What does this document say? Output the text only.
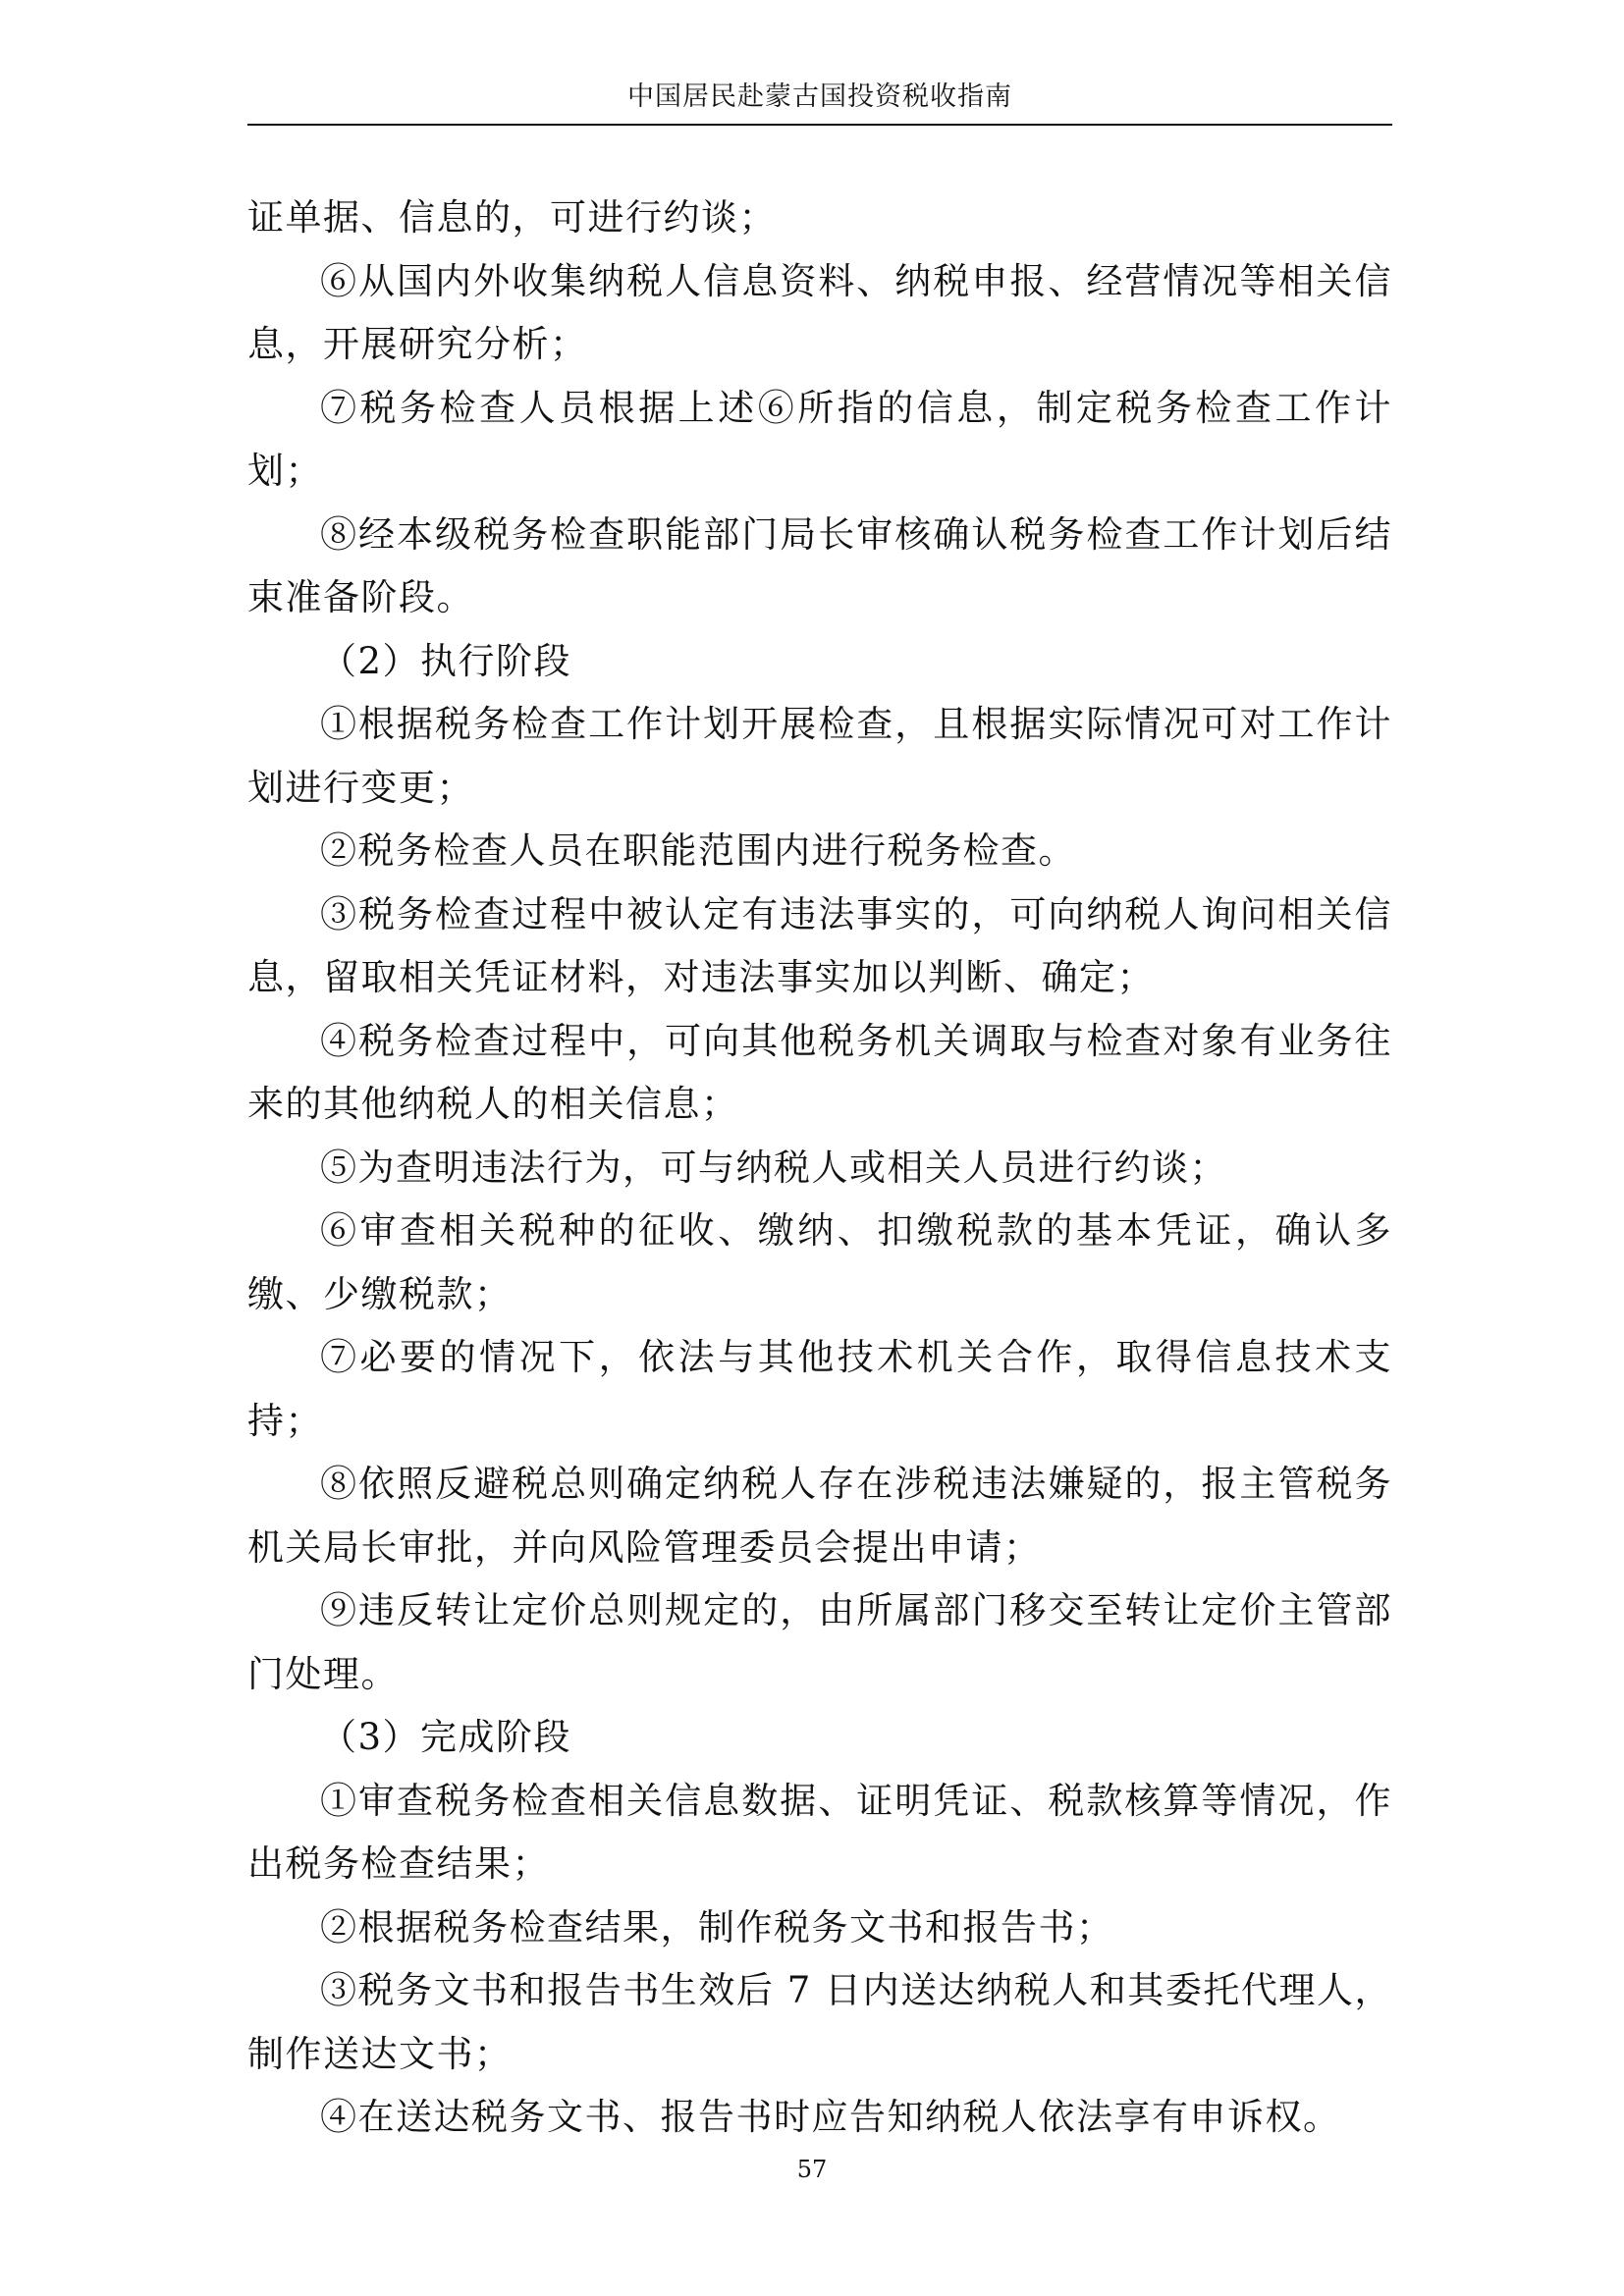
中国居民赴蒙古国投资税收指南

证单据、信息的，可进行约谈；

⑥从国内外收集纳税人信息资料、纳税申报、经营情况等相关信息，开展研究分析；

⑦税务检查人员根据上述⑥所指的信息，制定税务检查工作计划；

⑧经本级税务检查职能部门局长审核确认税务检查工作计划后结束准备阶段。

（2）执行阶段

①根据税务检查工作计划开展检查，且根据实际情况可对工作计划进行变更；

②税务检查人员在职能范围内进行税务检查。

③税务检查过程中被认定有违法事实的，可向纳税人询问相关信息，留取相关凭证材料，对违法事实加以判断、确定；

④税务检查过程中，可向其他税务机关调取与检查对象有业务往来的其他纳税人的相关信息；

⑤为查明违法行为，可与纳税人或相关人员进行约谈；

⑥审查相关税种的征收、缴纳、扣缴税款的基本凭证，确认多缴、少缴税款；

⑦必要的情况下，依法与其他技术机关合作，取得信息技术支持；

⑧依照反避税总则确定纳税人存在涉税违法嫌疑的，报主管税务机关局长审批，并向风险管理委员会提出申请；

⑨违反转让定价总则规定的，由所属部门移交至转让定价主管部门处理。

（3）完成阶段

①审查税务检查相关信息数据、证明凭证、税款核算等情况，作出税务检查结果；

②根据税务检查结果，制作税务文书和报告书；

③税务文书和报告书生效后 7 日内送达纳税人和其委托代理人，制作送达文书；

④在送达税务文书、报告书时应告知纳税人依法享有申诉权。

57
